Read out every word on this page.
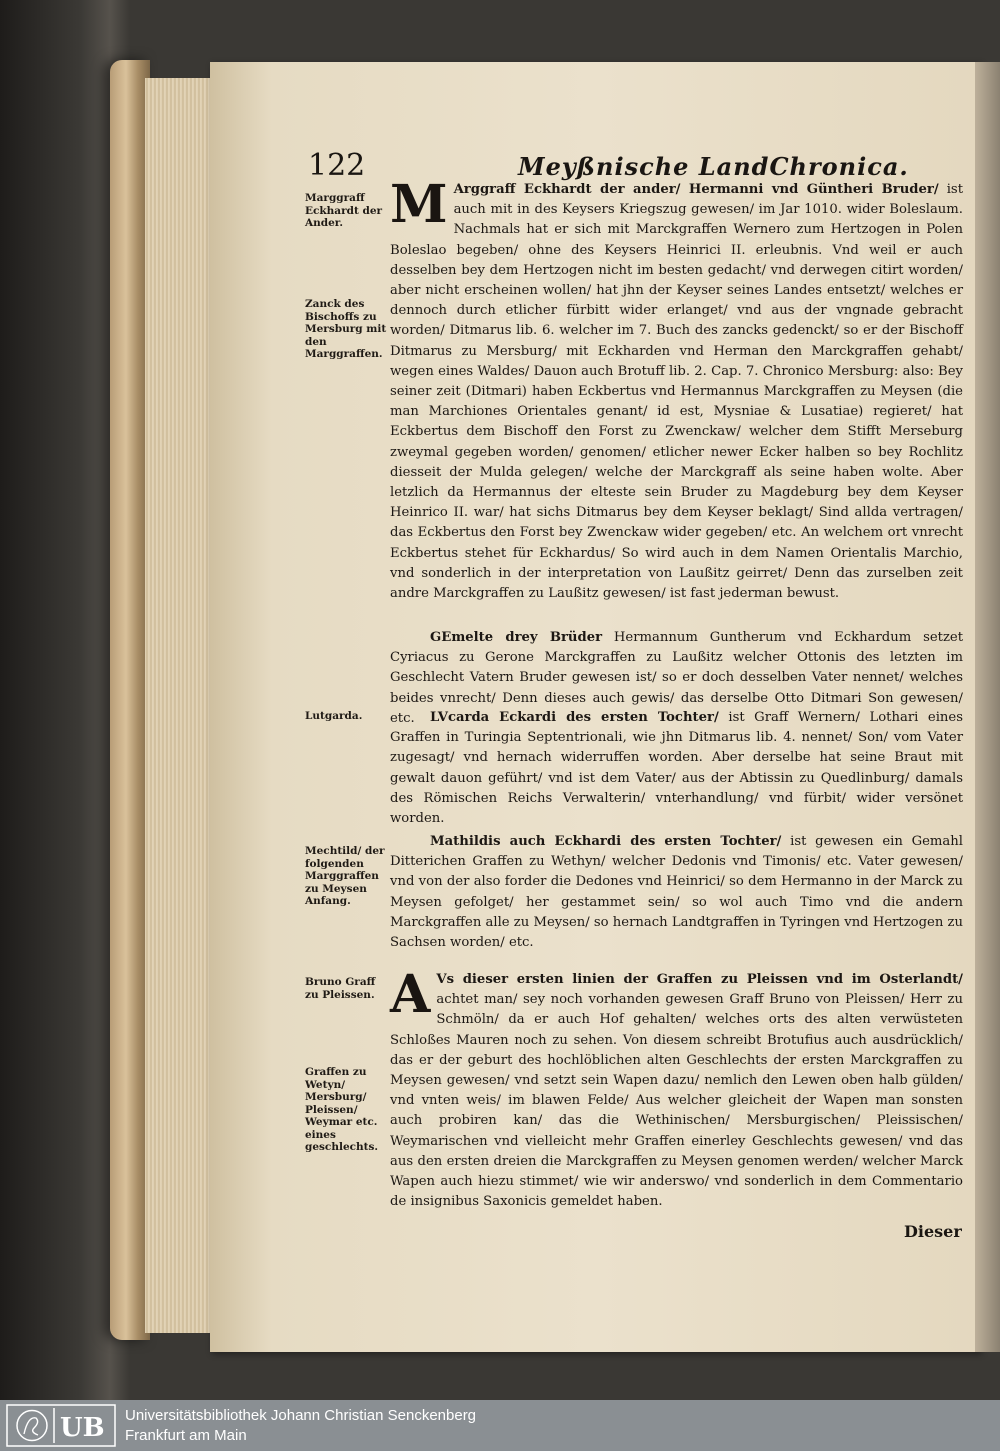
122	Meyßnische LandChronica.
Marggraff Eckhardt der Ander.
Zanck des Bischoffs zu Mersburg mit den Marggraffen.
Lutgarda.
Mechtild/ der folgenden Marggraffen zu Meysen Anfang.
Bruno Graff zu Pleissen.
Graffen zu Wetyn/ Mersburg/ Pleissen/ Weymar etc. eines geschlechts.
M Arggraff Eckhardt der ander/ Hermanni vnd Güntheri Bruder/ ist auch mit in des Keysers Kriegszug gewesen/ im Jar 1010. wider Boleslaum. Nachmals hat er sich mit Marckgraffen Wernero zum Hertzogen in Polen Boleslao begeben/ ohne des Keysers Heinrici II. erleubnis. Vnd weil er auch desselben bey dem Hertzogen nicht im besten gedacht/ vnd derwegen citirt worden/ aber nicht erscheinen wollen/ hat jhn der Keyser seines Landes entsetzt/ welches er dennoch durch etlicher fürbitt wider erlanget/ vnd aus der vngnade gebracht worden/ Ditmarus lib. 6. welcher im 7. Buch des zancks gedenckt/ so er der Bischoff Ditmarus zu Mersburg/ mit Eckharden vnd Herman den Marckgraffen gehabt/ wegen eines Waldes/ Dauon auch Brotuff lib. 2. Cap. 7. Chronico Mersburg: also: Bey seiner zeit (Ditmari) haben Eckbertus vnd Hermannus Marckgraffen zu Meysen (die man Marchiones Orientales genant/ id est, Mysniae & Lusatiae) regieret/ hat Eckbertus dem Bischoff den Forst zu Zwenckaw/ welcher dem Stifft Merseburg zweymal gegeben worden/ genomen/ etlicher newer Ecker halben so bey Rochlitz diesseit der Mulda gelegen/ welche der Marckgraff als seine haben wolte. Aber letzlich da Hermannus der elteste sein Bruder zu Magdeburg bey dem Keyser Heinrico II. war/ hat sichs Ditmarus bey dem Keyser beklagt/ Sind allda vertragen/ das Eckbertus den Forst bey Zwenckaw wider gegeben/ etc. An welchem ort vnrecht Eckbertus stehet für Eckhardus/ So wird auch in dem Namen Orientalis Marchio, vnd sonderlich in der interpretation von Laußitz geirret/ Denn das zurselben zeit andre Marckgraffen zu Laußitz gewesen/ ist fast jederman bewust.
GEmelte drey Brüder Hermannum Guntherum vnd Eckhardum setzet Cyriacus zu Gerone Marckgraffen zu Laußitz welcher Ottonis des letzten im Geschlecht Vatern Bruder gewesen ist/ so er doch desselben Vater nennet/ welches beides vnrecht/ Denn dieses auch gewis/ das derselbe Otto Ditmari Son gewesen/ etc.	LVcarda Eckardi des ersten Tochter/ ist Graff Wernern/ Lothari eines Graffen in Turingia Septentrionali, wie jhn Ditmarus lib. 4. nennet/ Son/ vom Vater zugesagt/ vnd hernach widerruffen worden. Aber derselbe hat seine Braut mit gewalt dauon geführt/ vnd ist dem Vater/ aus der Abtissin zu Quedlinburg/ damals des Römischen Reichs Verwalterin/ vnterhandlung/ vnd fürbit/ wider versönet worden.
Mathildis auch Eckhardi des ersten Tochter/ ist gewesen ein Gemahl Ditterichen Graffen zu Wethyn/ welcher Dedonis vnd Timonis/ etc. Vater gewesen/ vnd von der also forder die Dedones vnd Heinrici/ so dem Hermanno in der Marck zu Meysen gefolget/ her gestammet sein/ so wol auch Timo vnd die andern Marckgraffen alle zu Meysen/ so hernach Landtgraffen in Tyringen vnd Hertzogen zu Sachsen worden/ etc.
A Vs dieser ersten linien der Graffen zu Pleissen vnd im Osterlandt/ achtet man/ sey noch vorhanden gewesen Graff Bruno von Pleissen/ Herr zu Schmöln/ da er auch Hof gehalten/ welches orts des alten verwüsteten Schloßes Mauren noch zu sehen. Von diesem schreibt Brotufius auch ausdrücklich/ das er der geburt des hochlöblichen alten Geschlechts der ersten Marckgraffen zu Meysen gewesen/ vnd setzt sein Wapen dazu/ nemlich den Lewen oben halb gülden/ vnd vnten weis/ im blawen Felde/ Aus welcher gleicheit der Wapen man sonsten auch probiren kan/ das die Wethinischen/ Mersburgischen/ Pleissischen/ Weymarischen vnd vielleicht mehr Graffen einerley Geschlechts gewesen/ vnd das aus den ersten dreien die Marckgraffen zu Meysen genomen werden/ welcher Marck Wapen auch hiezu stimmet/ wie wir anderswo/ vnd sonderlich in dem Commentario de insignibus Saxonicis gemeldet haben.
Dieser
UB Universitätsbibliothek Johann Christian Senckenberg
Frankfurt am Main
